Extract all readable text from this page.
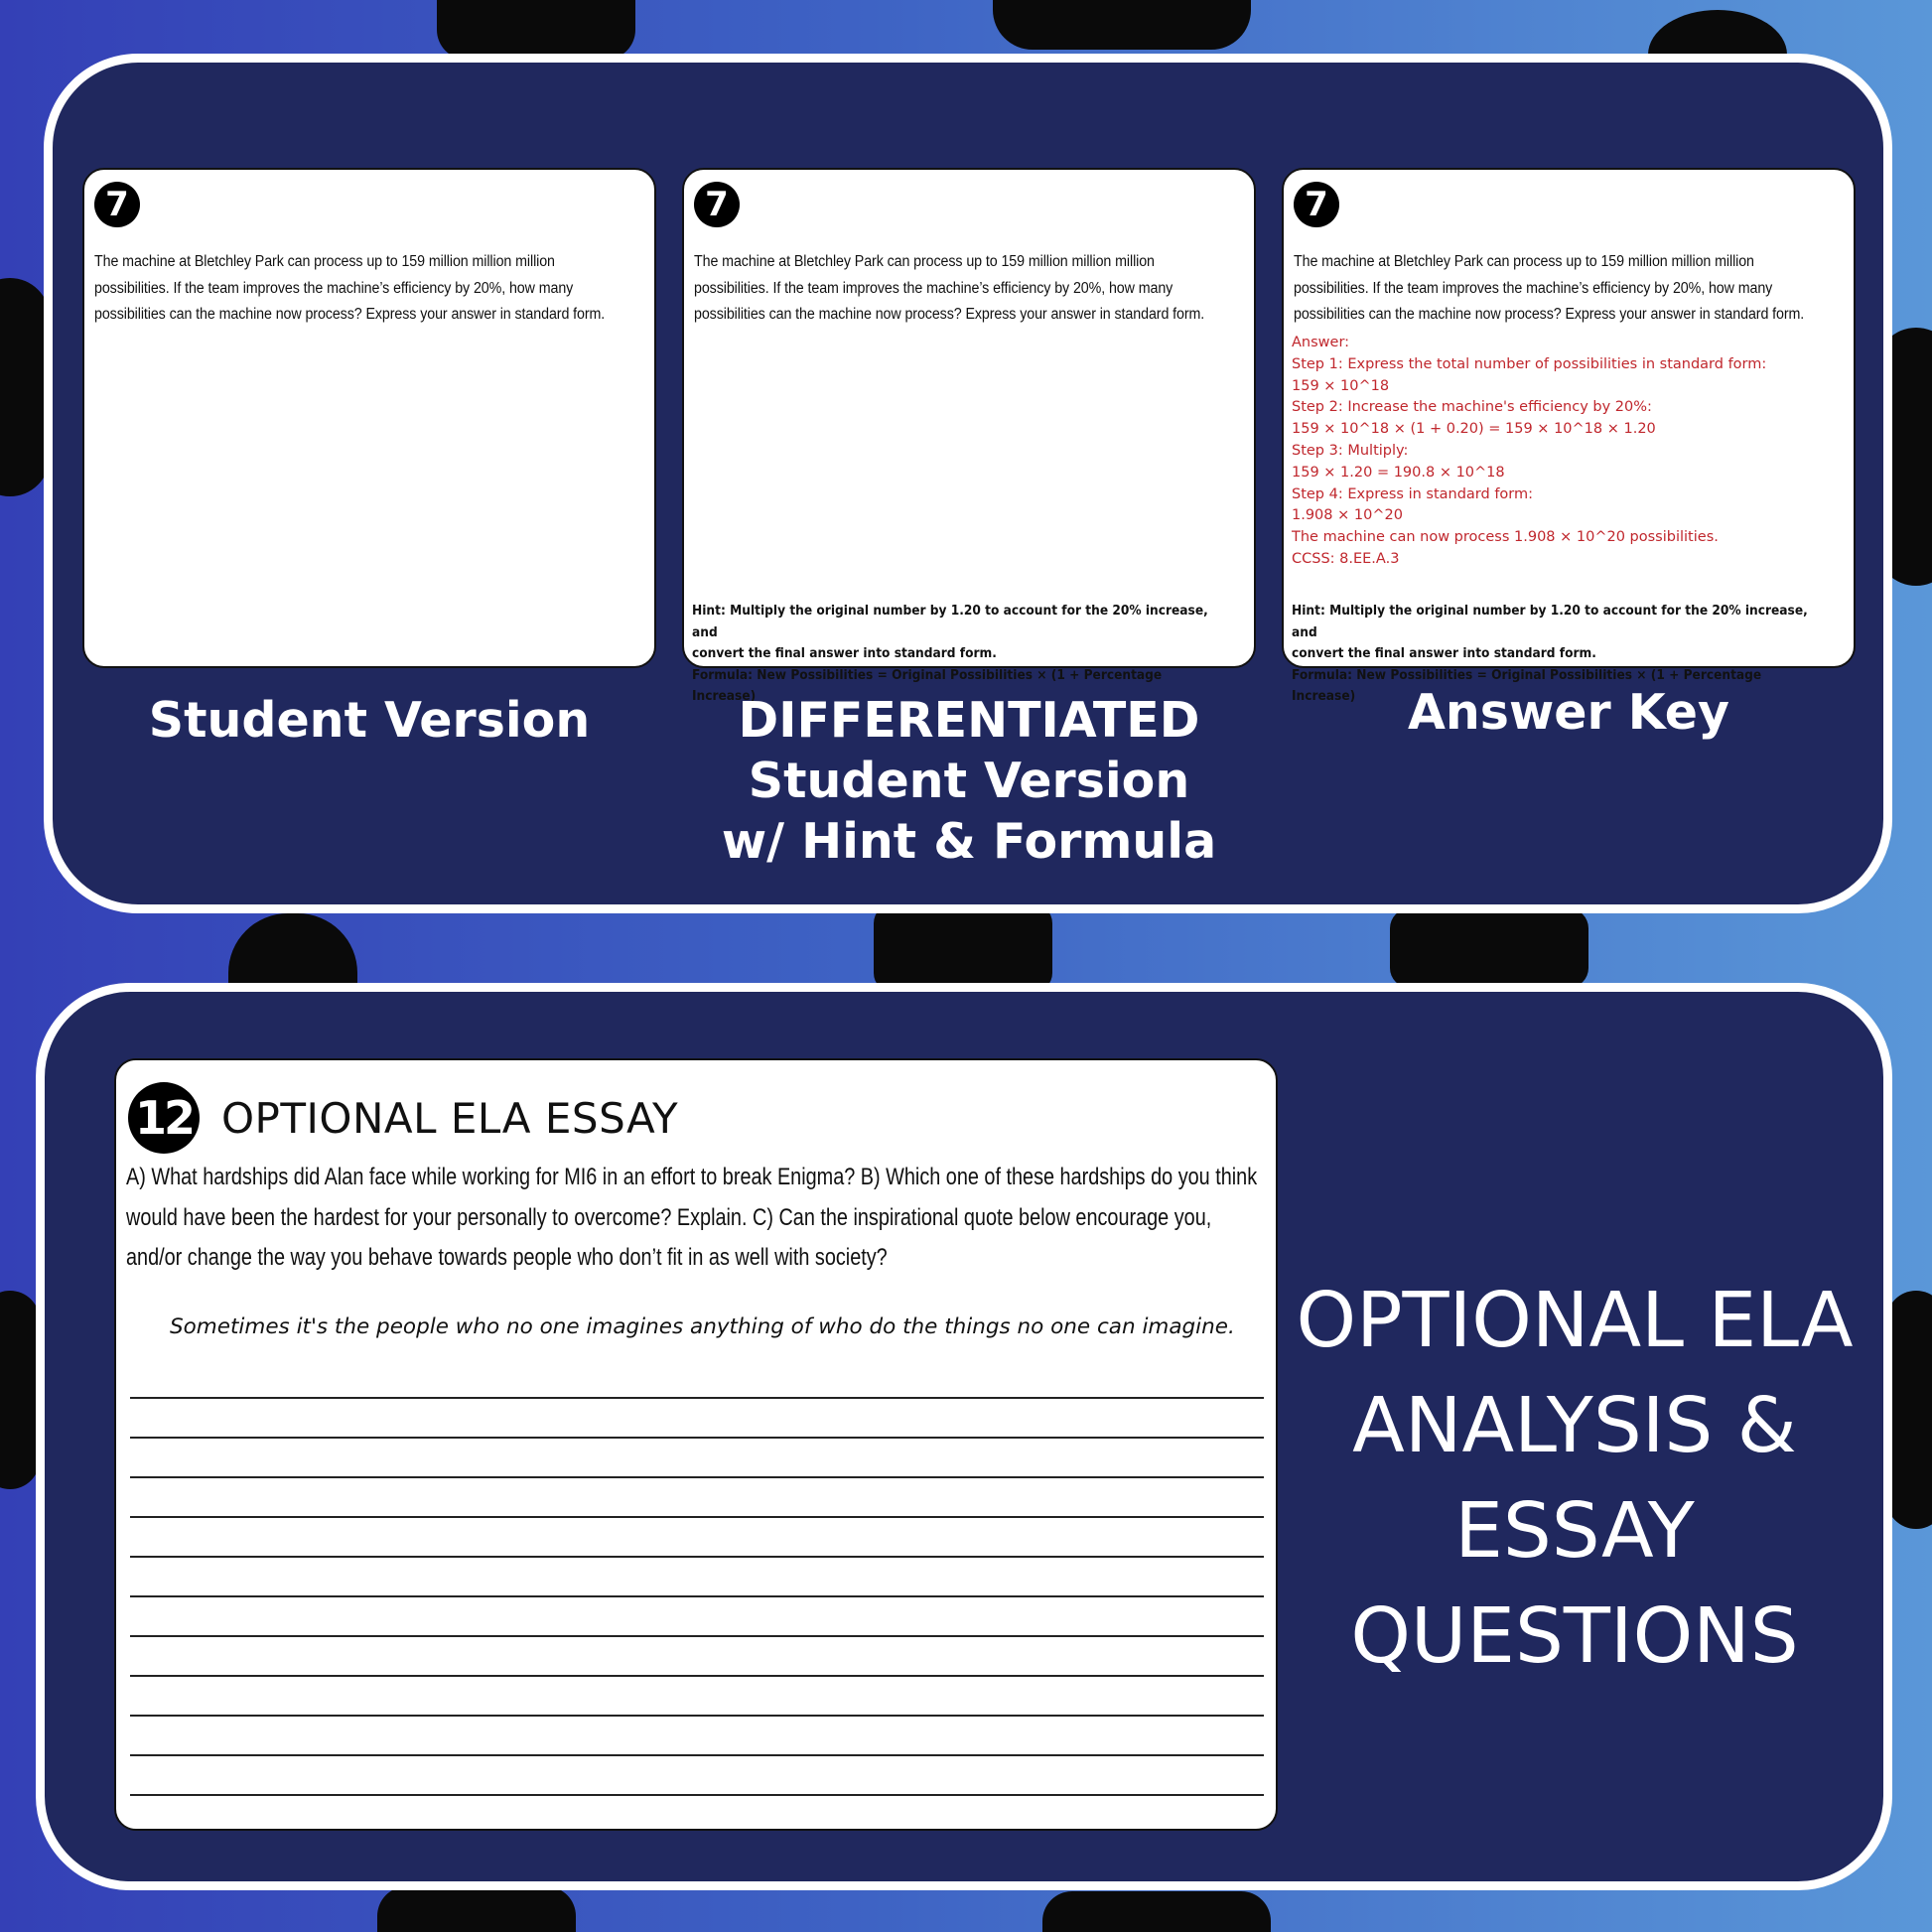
7
The machine at Bletchley Park can process up to 159 million million million possibilities. If the team improves the machine’s efficiency by 20%, how many possibilities can the machine now process? Express your answer in standard form.
7
The machine at Bletchley Park can process up to 159 million million million possibilities. If the team improves the machine’s efficiency by 20%, how many possibilities can the machine now process? Express your answer in standard form.
Hint: Multiply the original number by 1.20 to account for the 20% increase, and
convert the final answer into standard form.
Formula: New Possibilities = Original Possibilities × (1 + Percentage Increase)
7
The machine at Bletchley Park can process up to 159 million million million possibilities. If the team improves the machine’s efficiency by 20%, how many possibilities can the machine now process? Express your answer in standard form.
Answer:
Step 1: Express the total number of possibilities in standard form:
159 × 10^18
Step 2: Increase the machine's efficiency by 20%:
159 × 10^18 × (1 + 0.20) = 159 × 10^18 × 1.20
Step 3: Multiply:
159 × 1.20 = 190.8 × 10^18
Step 4: Express in standard form:
1.908 × 10^20
The machine can now process 1.908 × 10^20 possibilities.
CCSS: 8.EE.A.3
Hint: Multiply the original number by 1.20 to account for the 20% increase, and
convert the final answer into standard form.
Formula: New Possibilities = Original Possibilities × (1 + Percentage Increase)
Student Version	DIFFERENTIATED
Student Version
w/ Hint & Formula
Answer Key
12 OPTIONAL ELA ESSAY
A) What hardships did Alan face while working for MI6 in an effort to break Enigma? B) Which one of these hardships do you think would have been the hardest for your personally to overcome? Explain. C) Can the inspirational quote below encourage you, and/or change the way you behave towards people who don’t fit in as well with society?
Sometimes it's the people who no one imagines anything of who do the things no one can imagine. OPTIONAL ELA
ANALYSIS &
ESSAY
QUESTIONS
